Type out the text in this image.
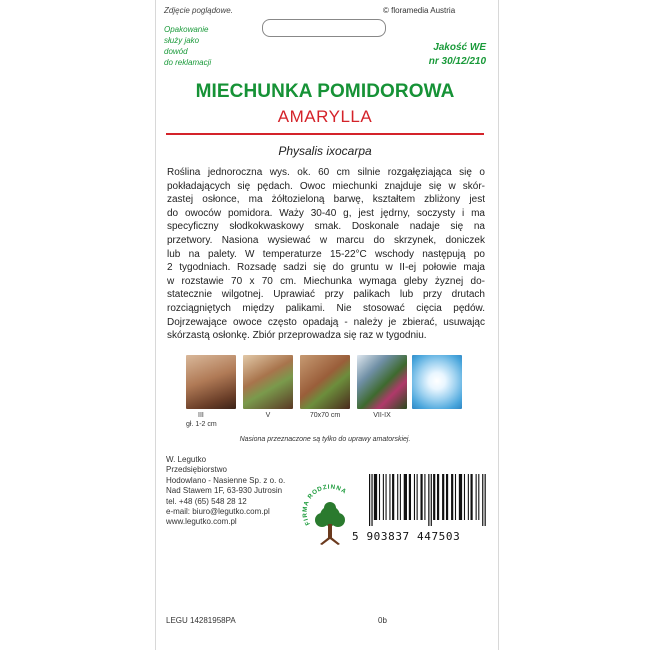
Zdjęcie poglądowe.	© floramedia Austria
Opakowanie
służy jako
dowód
do reklamacji
Jakość WE
nr 30/12/210
MIECHUNKA POMIDOROWA
AMARYLLA
Physalis ixocarpa
Roślina jednoroczna wys. ok. 60 cm silnie rozgałęziająca się o
pokładających się pędach. Owoc miechunki znajduje się w skór-
zastej osłonce, ma żółtozieloną barwę, kształtem zbliżony jest
do owoców pomidora. Waży 30-40 g, jest jędrny, soczysty i ma
specyficzny słodkokwaskowy smak. Doskonale nadaje się na
przetwory. Nasiona wysiewać w marcu do skrzynek, doniczek
lub na palety. W temperaturze 15-22°C wschody następują po
2 tygodniach. Rozsadę sadzi się do gruntu w II-ej połowie maja
w rozstawie 70 x 70 cm. Miechunka wymaga gleby żyznej do-
statecznie wilgotnej. Uprawiać przy palikach lub przy drutach
rozciągniętych między palikami. Nie stosować cięcia pędów.
Dojrzewające owoce często opadają - należy je zbierać, usuwając
skórzastą osłonkę. Zbiór przeprowadza się raz w tygodniu.
III
gł. 1-2 cm
V	70x70 cm	VII-IX
Nasiona przeznaczone są tylko do uprawy amatorskiej.
W. Legutko
Przedsiębiorstwo
Hodowlano - Nasienne Sp. z o. o.
Nad Stawem 1F, 63-930 Jutrosin
tel. +48 (65) 548 28 12
e-mail: biuro@legutko.com.pl
www.legutko.com.pl	FIRMA RODZINNA
5 903837 447503
LEGU 14281958PA	0b
